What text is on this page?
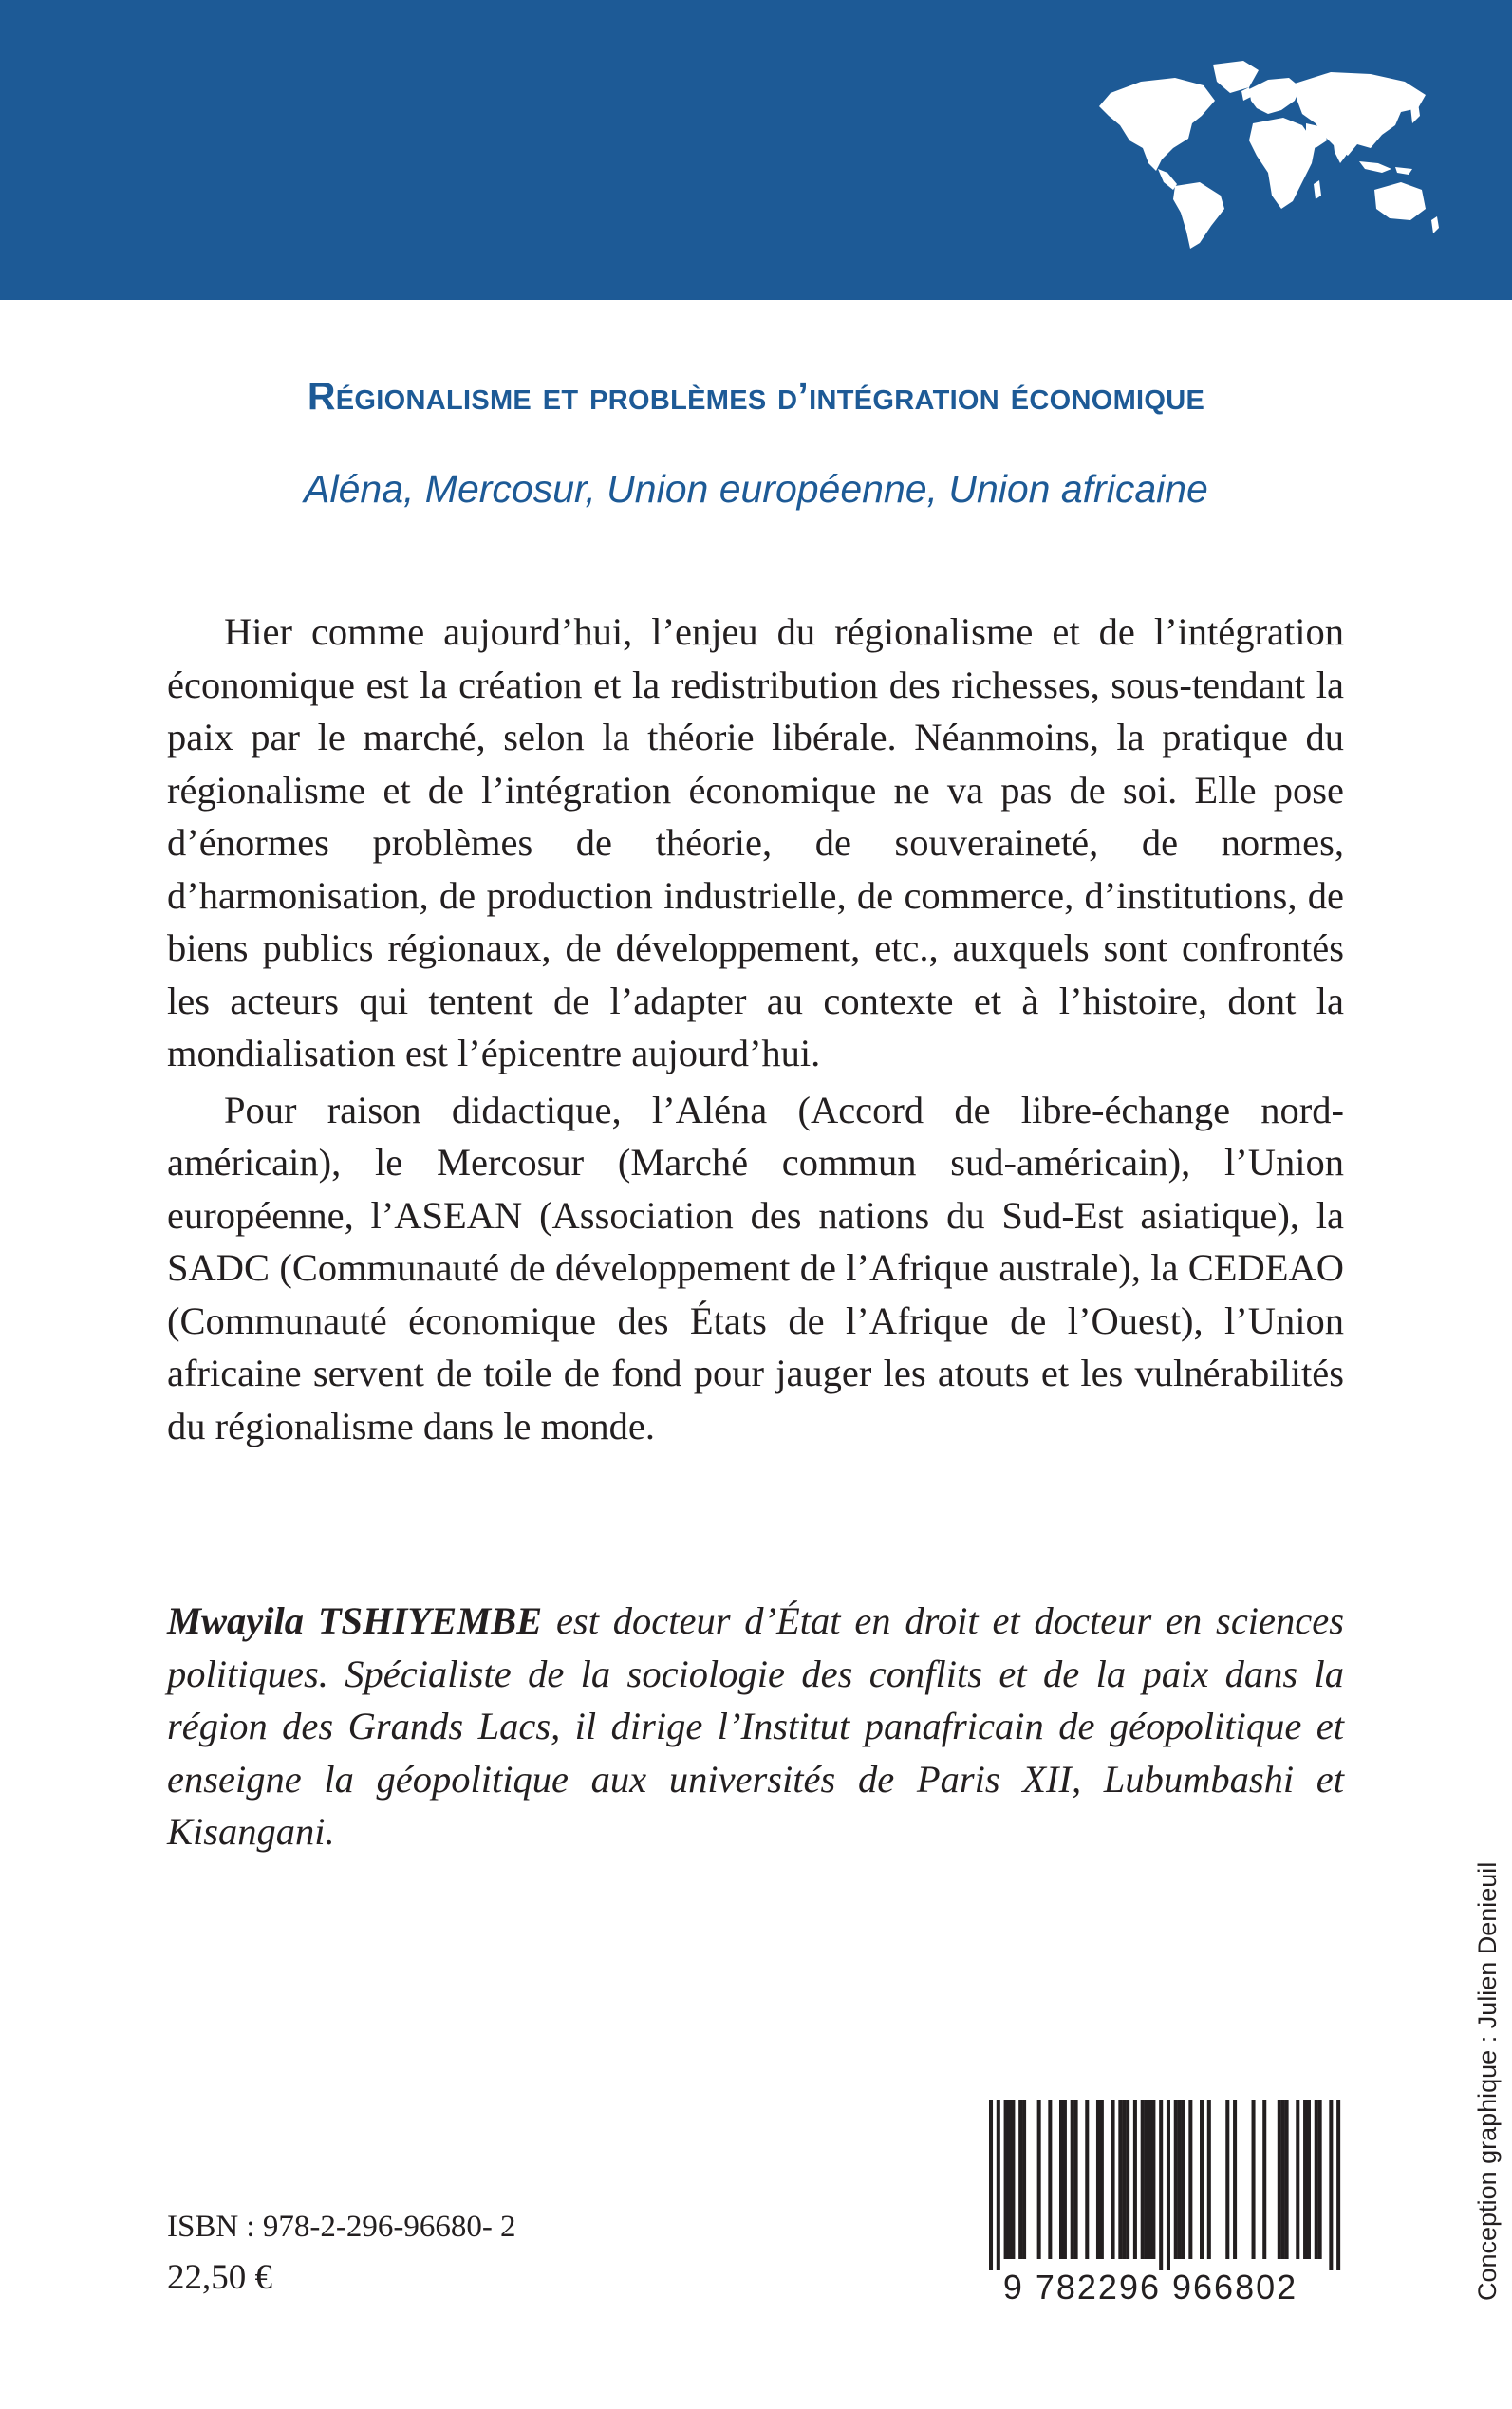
Régionalisme et problèmes d’intégration économique
Aléna, Mercosur, Union européenne, Union africaine

Hier comme aujourd’hui, l’enjeu du régionalisme et de l’intégration économique est la création et la redistribution des richesses, sous-tendant la paix par le marché, selon la théorie libérale. Néanmoins, la pratique du régionalisme et de l’intégration économique ne va pas de soi. Elle pose d’énormes problèmes de théorie, de souveraineté, de normes, d’harmonisation, de production industrielle, de commerce, d’institutions, de biens publics régionaux, de développement, etc., auxquels sont confrontés les acteurs qui tentent de l’adapter au contexte et à l’histoire, dont la mondialisation est l’épicentre aujourd’hui.

Pour raison didactique, l’Aléna (Accord de libre-échange nord-américain), le Mercosur (Marché commun sud-américain), l’Union européenne, l’ASEAN (Association des nations du Sud-Est asiatique), la SADC (Communauté de développement de l’Afrique australe), la CEDEAO (Communauté économique des États de l’Afrique de l’Ouest), l’Union africaine servent de toile de fond pour jauger les atouts et les vulnérabilités du régionalisme dans le monde.

Mwayila TSHIYEMBE est docteur d’État en droit et docteur en sciences politiques. Spécialiste de la sociologie des conflits et de la paix dans la région des Grands Lacs, il dirige l’Institut panafricain de géopolitique et enseigne la géopolitique aux universités de Paris XII, Lubumbashi et Kisangani.

ISBN : 978-2-296-96680- 2
22,50 €	9 782296 966802	Conception graphique : Julien Denieuil
